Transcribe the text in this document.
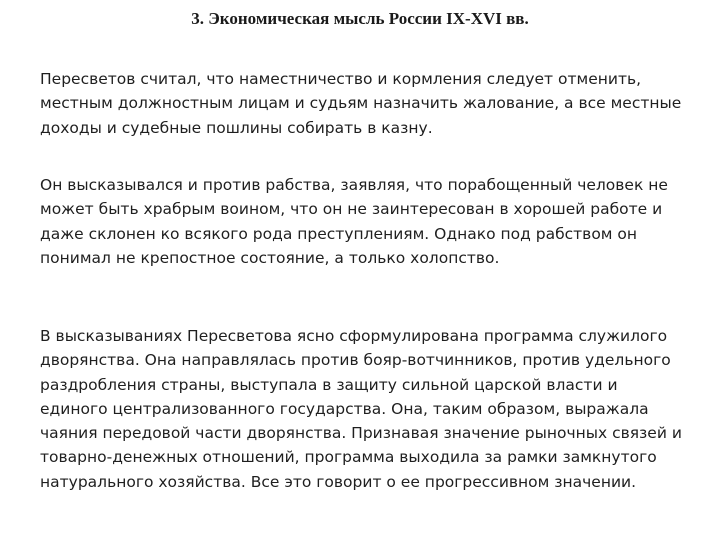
3. Экономическая мысль России IX-XVI вв.

Пересветов считал, что наместничество и кормления следует отменить, местным должностным лицам и судьям назначить жалование, а все местные доходы и судебные пошлины собирать в казну.

Он высказывался и против рабства, заявляя, что порабощенный человек не может быть храбрым воином, что он не заинтересован в хорошей работе и даже склонен ко всякого рода преступлениям. Однако под рабством он понимал не крепостное состояние, а только холопство.

В высказываниях Пересветова ясно сформулирована программа служилого дворянства. Она направлялась против бояр-вотчинников, против удельного раздробления страны, выступала в защиту сильной царской власти и единого централизованного государства. Она, таким образом, выражала чаяния передовой части дворянства. Признавая значение рыночных связей и товарно-денежных отношений, программа выходила за рамки замкнутого натурального хозяйства. Все это говорит о ее прогрессивном значении.
